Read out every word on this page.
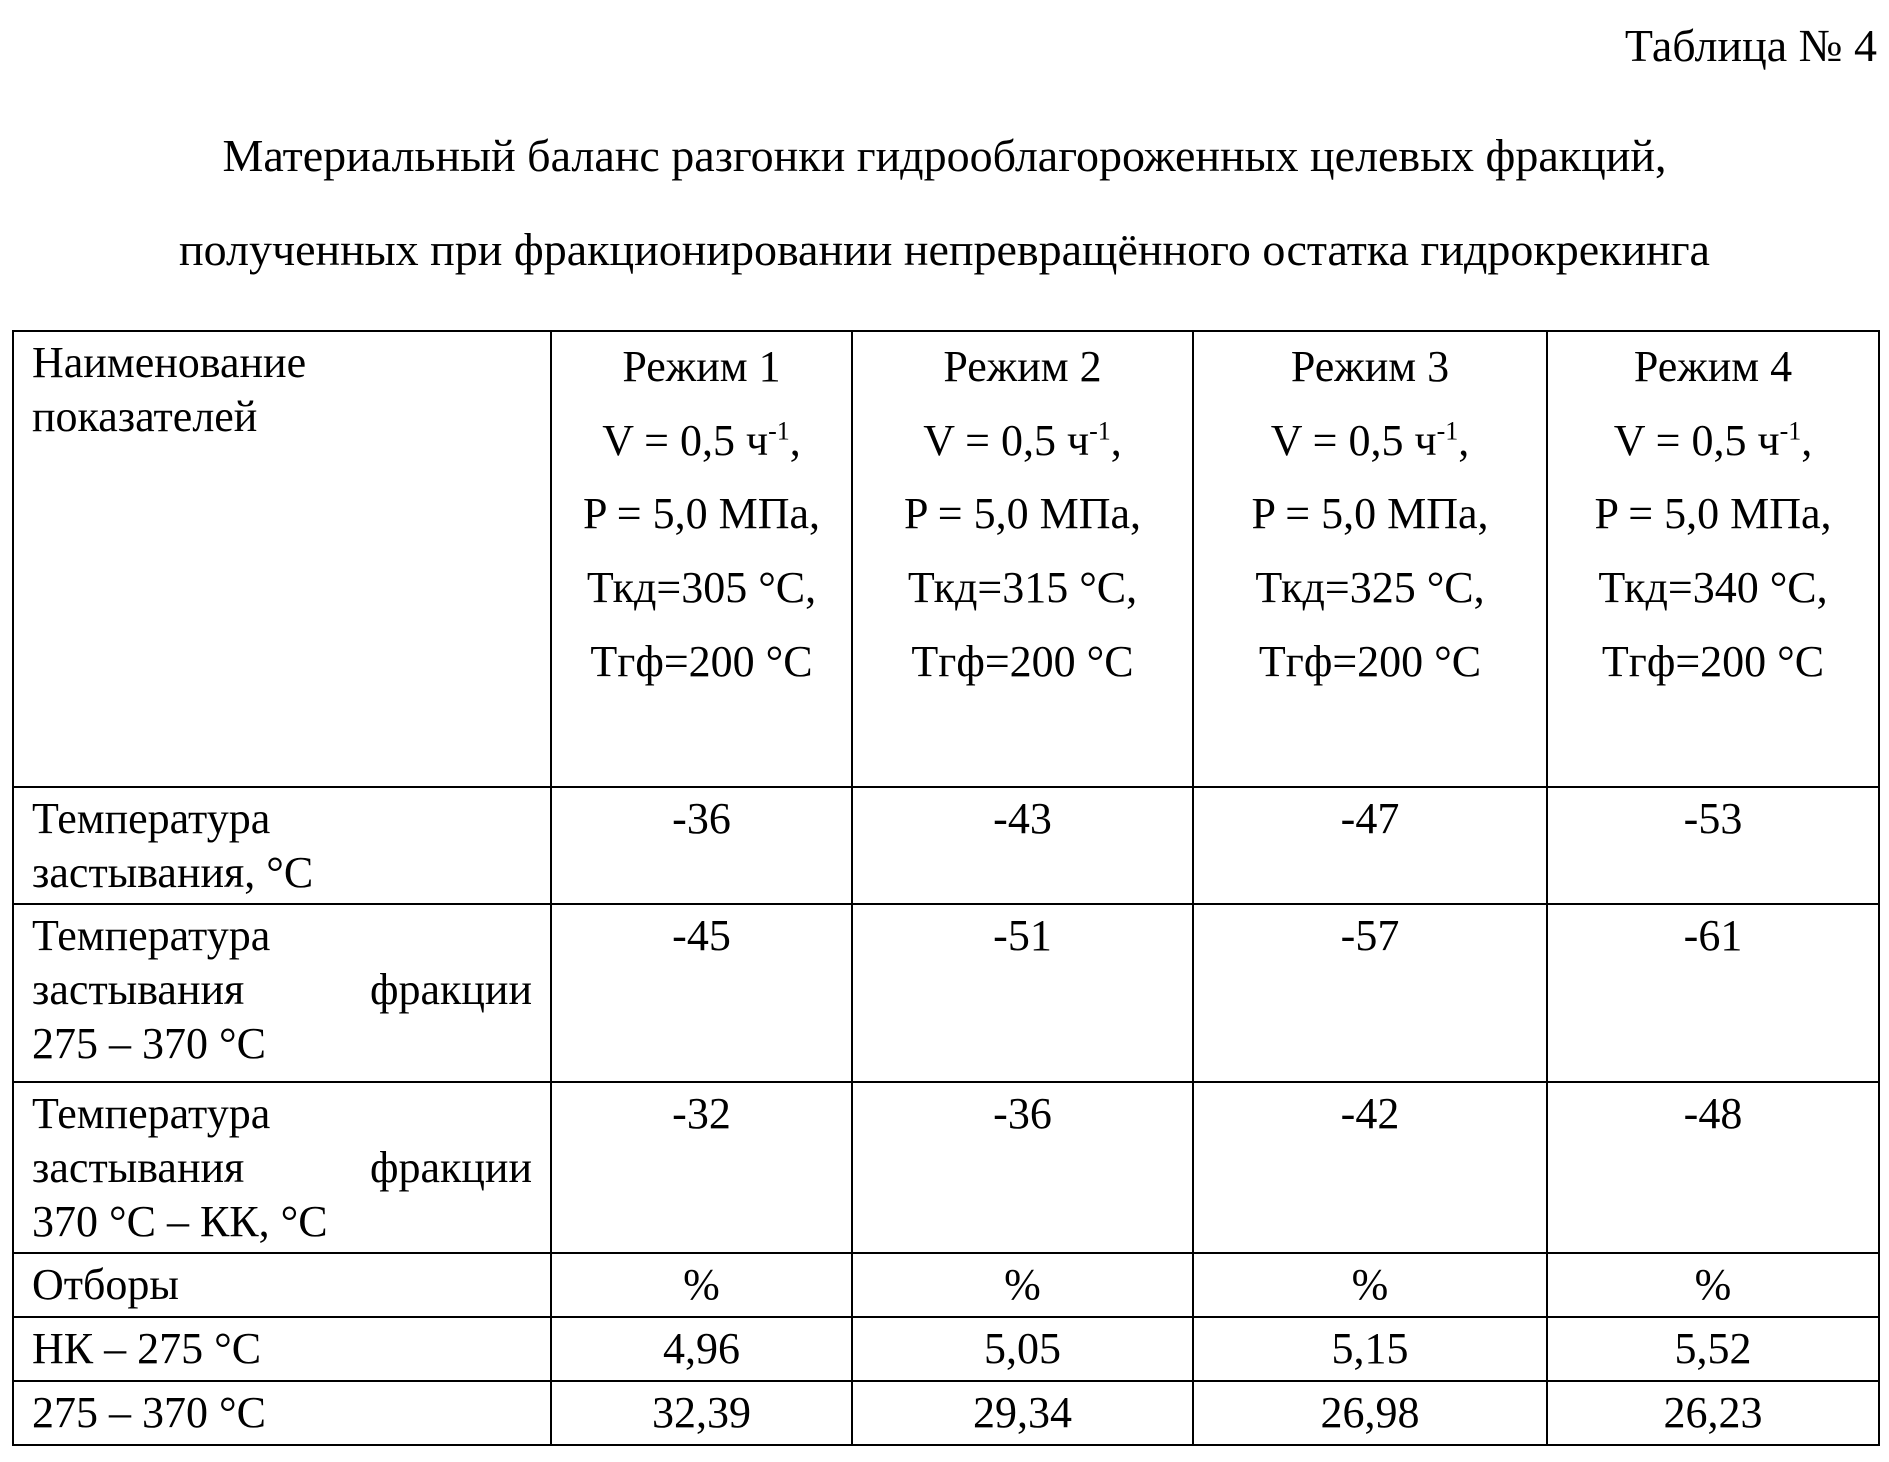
Таблица № 4
Материальный баланс разгонки гидрооблагороженных целевых фракций,
полученных при фракционировании непревращённого остатка гидрокрекинга
Наименование
показателей	Режим 1
V = 0,5 $ч^{-1}$,
P = 5,0 МПа,
Ткд=305 °С,
Тгф=200 °С	Режим 2
V = 0,5 $ч^{-1}$,
P = 5,0 МПа,
Ткд=315 °С,
Тгф=200 °С	Режим 3
V = 0,5 $ч^{-1}$,
P = 5,0 МПа,
Ткд=325 °С,
Тгф=200 °С	Режим 4
V = 0,5 $ч^{-1}$,
P = 5,0 МПа,
Ткд=340 °С,
Тгф=200 °С

Температура
застывания, °С	-36	-43	-47	-53

Температура
застывания фракции
275 – 370 °С	-45	-51	-57	-61

Температура
застывания фракции
370 °С – КК, °С	-32	-36	-42	-48
Отборы	%	%	%	%
НК – 275 °С	4,96	5,05	5,15	5,52
275 – 370 °С	32,39	29,34	26,98	26,23
